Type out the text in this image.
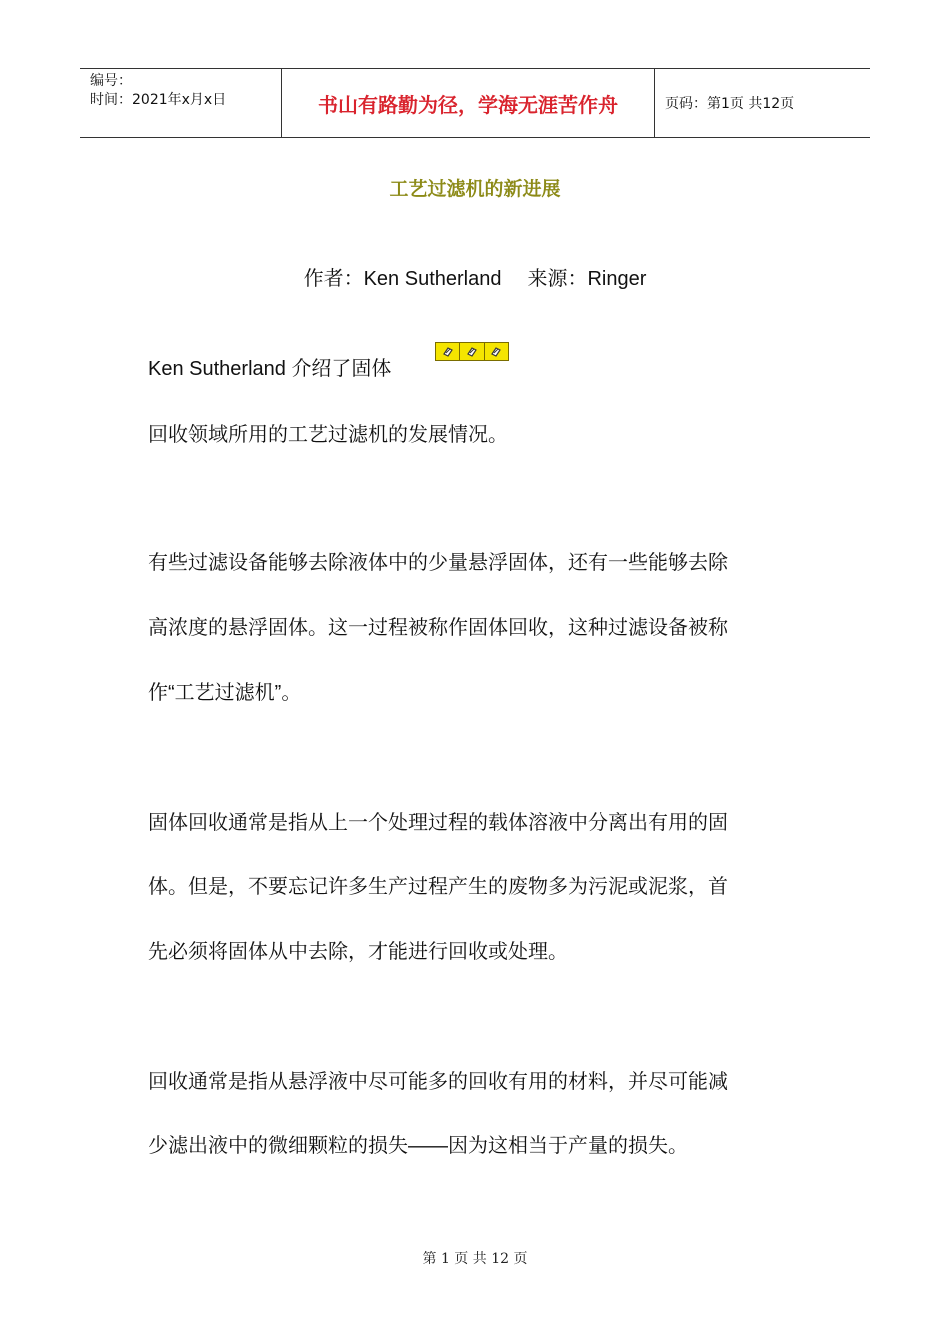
编号：
时间：2021年x月x日	书山有路勤为径，学海无涯苦作舟	页码：第1页 共12页
工艺过滤机的新进展
作者：Ken Sutherland 来源：Ringer
Ken Sutherland 介绍了固体
回收领域所用的工艺过滤机的发展情况。
有些过滤设备能够去除液体中的少量悬浮固体，还有一些能够去除
高浓度的悬浮固体。这一过程被称作固体回收，这种过滤设备被称
作“工艺过滤机”。
固体回收通常是指从上一个处理过程的载体溶液中分离出有用的固
体。但是，不要忘记许多生产过程产生的废物多为污泥或泥浆，首
先必须将固体从中去除，才能进行回收或处理。
回收通常是指从悬浮液中尽可能多的回收有用的材料，并尽可能减
少滤出液中的微细颗粒的损失——因为这相当于产量的损失。
第 1 页 共 12 页
